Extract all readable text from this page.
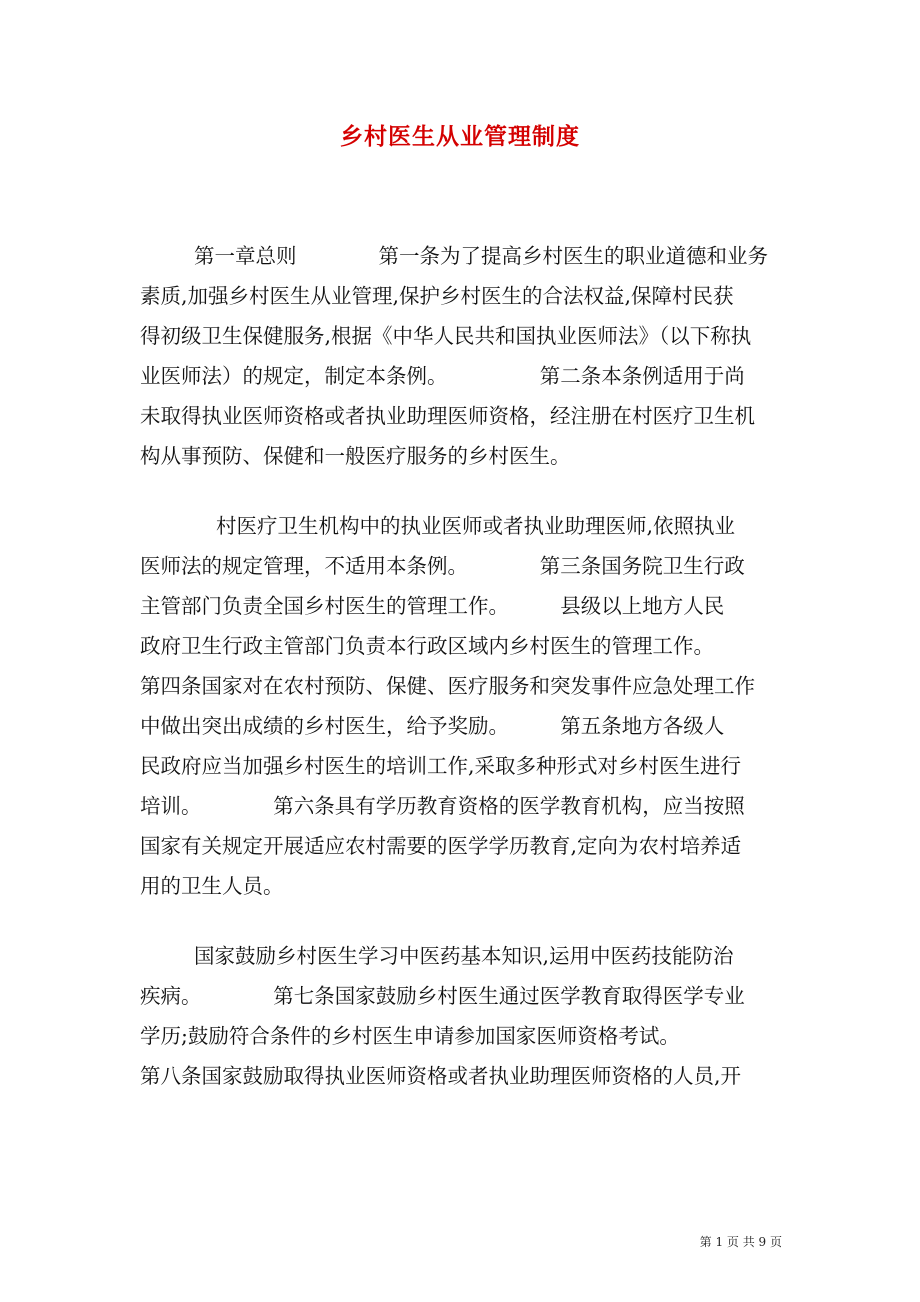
乡村医生从业管理制度
第一章总则　　　　第一条为了提高乡村医生的职业道德和业务
素质,加强乡村医生从业管理,保护乡村医生的合法权益,保障村民获
得初级卫生保健服务,根据《中华人民共和国执业医师法》（以下称执
业医师法）的规定，制定本条例。　　　　　第二条本条例适用于尚
未取得执业医师资格或者执业助理医师资格，经注册在村医疗卫生机
构从事预防、保健和一般医疗服务的乡村医生。
村医疗卫生机构中的执业医师或者执业助理医师,依照执业
医师法的规定管理，不适用本条例。　　　　第三条国务院卫生行政
主管部门负责全国乡村医生的管理工作。　　　县级以上地方人民
政府卫生行政主管部门负责本行政区域内乡村医生的管理工作。
第四条国家对在农村预防、保健、医疗服务和突发事件应急处理工作
中做出突出成绩的乡村医生，给予奖励。　　　第五条地方各级人
民政府应当加强乡村医生的培训工作,采取多种形式对乡村医生进行
培训。　　　　第六条具有学历教育资格的医学教育机构，应当按照
国家有关规定开展适应农村需要的医学学历教育,定向为农村培养适
用的卫生人员。
国家鼓励乡村医生学习中医药基本知识,运用中医药技能防治
疾病。　　　　第七条国家鼓励乡村医生通过医学教育取得医学专业
学历;鼓励符合条件的乡村医生申请参加国家医师资格考试。
第八条国家鼓励取得执业医师资格或者执业助理医师资格的人员,开
第 1 页 共 9 页
